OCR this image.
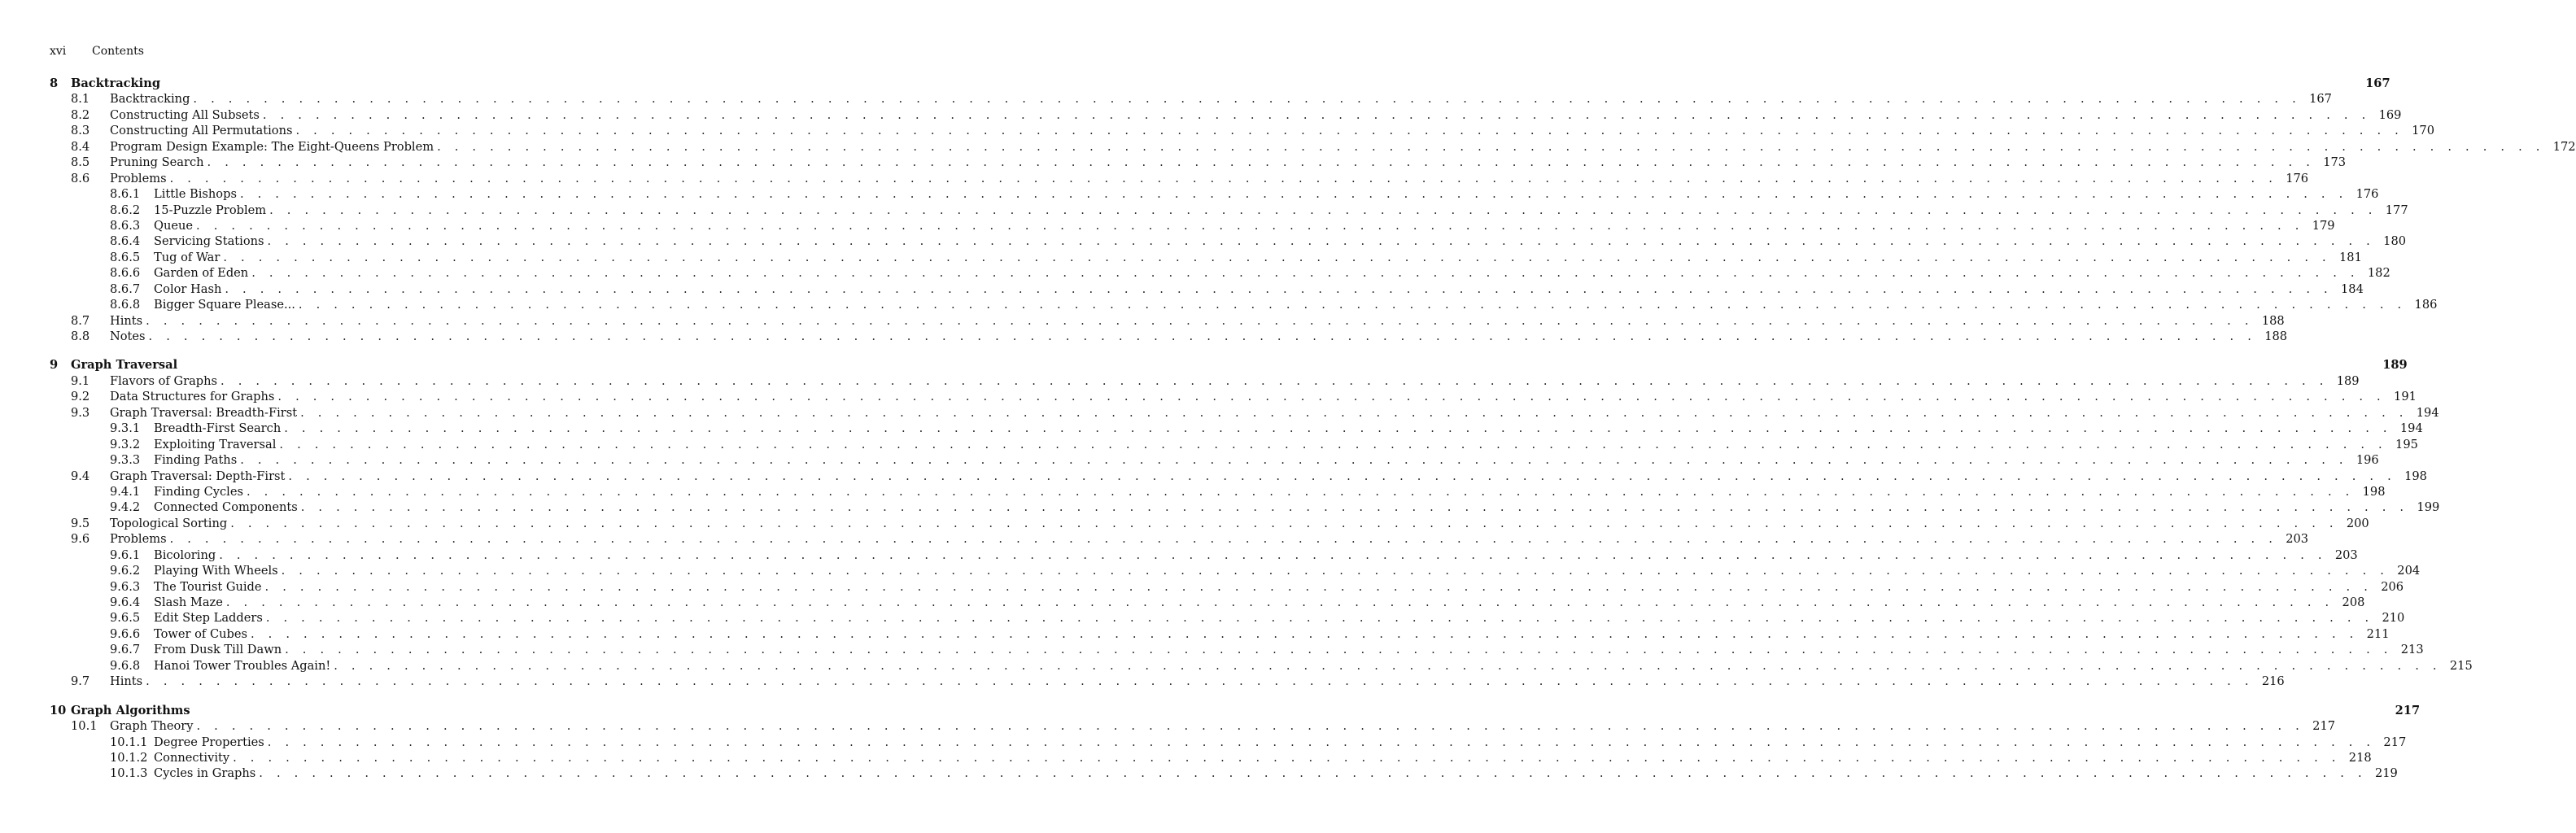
xvi Contents
8	Backtracking	167
8.1	Backtracking . . . . . . . . . . . . . . . . . . . . . . . . . . . . . . . . . . . . . . . . . . . . . . . . . . . . . . . . . . . . . . . . . . . . . . . . . . . . . . . . . . . . . . . . . . . . . . . . . . . . . . . . . . . . . . . . . . . . . . . . 167
8.2	Constructing All Subsets . . . . . . . . . . . . . . . . . . . . . . . . . . . . . . . . . . . . . . . . . . . . . . . . . . . . . . . . . . . . . . . . . . . . . . . . . . . . . . . . . . . . . . . . . . . . . . . . . . . . . . . . . . . . . . . . . . . . . . . . 169
8.3	Constructing All Permutations . . . . . . . . . . . . . . . . . . . . . . . . . . . . . . . . . . . . . . . . . . . . . . . . . . . . . . . . . . . . . . . . . . . . . . . . . . . . . . . . . . . . . . . . . . . . . . . . . . . . . . . . . . . . . . . . . . . . . . . . 170
8.4	Program Design Example: The Eight-Queens Problem . . . . . . . . . . . . . . . . . . . . . . . . . . . . . . . . . . . . . . . . . . . . . . . . . . . . . . . . . . . . . . . . . . . . . . . . . . . . . . . . . . . . . . . . . . . . . . . . . . . . . . . . . . . . . . . . . . . . . . . . 172
8.5	Pruning Search . . . . . . . . . . . . . . . . . . . . . . . . . . . . . . . . . . . . . . . . . . . . . . . . . . . . . . . . . . . . . . . . . . . . . . . . . . . . . . . . . . . . . . . . . . . . . . . . . . . . . . . . . . . . . . . . . . . . . . . . 173
8.6	Problems . . . . . . . . . . . . . . . . . . . . . . . . . . . . . . . . . . . . . . . . . . . . . . . . . . . . . . . . . . . . . . . . . . . . . . . . . . . . . . . . . . . . . . . . . . . . . . . . . . . . . . . . . . . . . . . . . . . . . . . . 176
8.6.1	Little Bishops . . . . . . . . . . . . . . . . . . . . . . . . . . . . . . . . . . . . . . . . . . . . . . . . . . . . . . . . . . . . . . . . . . . . . . . . . . . . . . . . . . . . . . . . . . . . . . . . . . . . . . . . . . . . . . . . . . . . . . . . 176
8.6.2	15-Puzzle Problem . . . . . . . . . . . . . . . . . . . . . . . . . . . . . . . . . . . . . . . . . . . . . . . . . . . . . . . . . . . . . . . . . . . . . . . . . . . . . . . . . . . . . . . . . . . . . . . . . . . . . . . . . . . . . . . . . . . . . . . . 177
8.6.3	Queue . . . . . . . . . . . . . . . . . . . . . . . . . . . . . . . . . . . . . . . . . . . . . . . . . . . . . . . . . . . . . . . . . . . . . . . . . . . . . . . . . . . . . . . . . . . . . . . . . . . . . . . . . . . . . . . . . . . . . . . . 179
8.6.4	Servicing Stations . . . . . . . . . . . . . . . . . . . . . . . . . . . . . . . . . . . . . . . . . . . . . . . . . . . . . . . . . . . . . . . . . . . . . . . . . . . . . . . . . . . . . . . . . . . . . . . . . . . . . . . . . . . . . . . . . . . . . . . . 180
8.6.5	Tug of War . . . . . . . . . . . . . . . . . . . . . . . . . . . . . . . . . . . . . . . . . . . . . . . . . . . . . . . . . . . . . . . . . . . . . . . . . . . . . . . . . . . . . . . . . . . . . . . . . . . . . . . . . . . . . . . . . . . . . . . . 181
8.6.6	Garden of Eden . . . . . . . . . . . . . . . . . . . . . . . . . . . . . . . . . . . . . . . . . . . . . . . . . . . . . . . . . . . . . . . . . . . . . . . . . . . . . . . . . . . . . . . . . . . . . . . . . . . . . . . . . . . . . . . . . . . . . . . . 182
8.6.7	Color Hash . . . . . . . . . . . . . . . . . . . . . . . . . . . . . . . . . . . . . . . . . . . . . . . . . . . . . . . . . . . . . . . . . . . . . . . . . . . . . . . . . . . . . . . . . . . . . . . . . . . . . . . . . . . . . . . . . . . . . . . . 184
8.6.8	Bigger Square Please... . . . . . . . . . . . . . . . . . . . . . . . . . . . . . . . . . . . . . . . . . . . . . . . . . . . . . . . . . . . . . . . . . . . . . . . . . . . . . . . . . . . . . . . . . . . . . . . . . . . . . . . . . . . . . . . . . . . . . . . . 186
8.7	Hints . . . . . . . . . . . . . . . . . . . . . . . . . . . . . . . . . . . . . . . . . . . . . . . . . . . . . . . . . . . . . . . . . . . . . . . . . . . . . . . . . . . . . . . . . . . . . . . . . . . . . . . . . . . . . . . . . . . . . . . . 188
8.8	Notes . . . . . . . . . . . . . . . . . . . . . . . . . . . . . . . . . . . . . . . . . . . . . . . . . . . . . . . . . . . . . . . . . . . . . . . . . . . . . . . . . . . . . . . . . . . . . . . . . . . . . . . . . . . . . . . . . . . . . . . . 188
9	Graph Traversal	189
9.1	Flavors of Graphs . . . . . . . . . . . . . . . . . . . . . . . . . . . . . . . . . . . . . . . . . . . . . . . . . . . . . . . . . . . . . . . . . . . . . . . . . . . . . . . . . . . . . . . . . . . . . . . . . . . . . . . . . . . . . . . . . . . . . . . . 189
9.2	Data Structures for Graphs . . . . . . . . . . . . . . . . . . . . . . . . . . . . . . . . . . . . . . . . . . . . . . . . . . . . . . . . . . . . . . . . . . . . . . . . . . . . . . . . . . . . . . . . . . . . . . . . . . . . . . . . . . . . . . . . . . . . . . . . 191
9.3	Graph Traversal: Breadth-First . . . . . . . . . . . . . . . . . . . . . . . . . . . . . . . . . . . . . . . . . . . . . . . . . . . . . . . . . . . . . . . . . . . . . . . . . . . . . . . . . . . . . . . . . . . . . . . . . . . . . . . . . . . . . . . . . . . . . . . . 194
9.3.1	Breadth-First Search . . . . . . . . . . . . . . . . . . . . . . . . . . . . . . . . . . . . . . . . . . . . . . . . . . . . . . . . . . . . . . . . . . . . . . . . . . . . . . . . . . . . . . . . . . . . . . . . . . . . . . . . . . . . . . . . . . . . . . . . 194
9.3.2	Exploiting Traversal . . . . . . . . . . . . . . . . . . . . . . . . . . . . . . . . . . . . . . . . . . . . . . . . . . . . . . . . . . . . . . . . . . . . . . . . . . . . . . . . . . . . . . . . . . . . . . . . . . . . . . . . . . . . . . . . . . . . . . . . 195
9.3.3	Finding Paths . . . . . . . . . . . . . . . . . . . . . . . . . . . . . . . . . . . . . . . . . . . . . . . . . . . . . . . . . . . . . . . . . . . . . . . . . . . . . . . . . . . . . . . . . . . . . . . . . . . . . . . . . . . . . . . . . . . . . . . . 196
9.4	Graph Traversal: Depth-First . . . . . . . . . . . . . . . . . . . . . . . . . . . . . . . . . . . . . . . . . . . . . . . . . . . . . . . . . . . . . . . . . . . . . . . . . . . . . . . . . . . . . . . . . . . . . . . . . . . . . . . . . . . . . . . . . . . . . . . . 198
9.4.1	Finding Cycles . . . . . . . . . . . . . . . . . . . . . . . . . . . . . . . . . . . . . . . . . . . . . . . . . . . . . . . . . . . . . . . . . . . . . . . . . . . . . . . . . . . . . . . . . . . . . . . . . . . . . . . . . . . . . . . . . . . . . . . . 198
9.4.2	Connected Components . . . . . . . . . . . . . . . . . . . . . . . . . . . . . . . . . . . . . . . . . . . . . . . . . . . . . . . . . . . . . . . . . . . . . . . . . . . . . . . . . . . . . . . . . . . . . . . . . . . . . . . . . . . . . . . . . . . . . . . . 199
9.5	Topological Sorting . . . . . . . . . . . . . . . . . . . . . . . . . . . . . . . . . . . . . . . . . . . . . . . . . . . . . . . . . . . . . . . . . . . . . . . . . . . . . . . . . . . . . . . . . . . . . . . . . . . . . . . . . . . . . . . . . . . . . . . . 200
9.6	Problems . . . . . . . . . . . . . . . . . . . . . . . . . . . . . . . . . . . . . . . . . . . . . . . . . . . . . . . . . . . . . . . . . . . . . . . . . . . . . . . . . . . . . . . . . . . . . . . . . . . . . . . . . . . . . . . . . . . . . . . . 203
9.6.1	Bicoloring . . . . . . . . . . . . . . . . . . . . . . . . . . . . . . . . . . . . . . . . . . . . . . . . . . . . . . . . . . . . . . . . . . . . . . . . . . . . . . . . . . . . . . . . . . . . . . . . . . . . . . . . . . . . . . . . . . . . . . . . 203
9.6.2	Playing With Wheels . . . . . . . . . . . . . . . . . . . . . . . . . . . . . . . . . . . . . . . . . . . . . . . . . . . . . . . . . . . . . . . . . . . . . . . . . . . . . . . . . . . . . . . . . . . . . . . . . . . . . . . . . . . . . . . . . . . . . . . . 204
9.6.3	The Tourist Guide . . . . . . . . . . . . . . . . . . . . . . . . . . . . . . . . . . . . . . . . . . . . . . . . . . . . . . . . . . . . . . . . . . . . . . . . . . . . . . . . . . . . . . . . . . . . . . . . . . . . . . . . . . . . . . . . . . . . . . . . 206
9.6.4	Slash Maze . . . . . . . . . . . . . . . . . . . . . . . . . . . . . . . . . . . . . . . . . . . . . . . . . . . . . . . . . . . . . . . . . . . . . . . . . . . . . . . . . . . . . . . . . . . . . . . . . . . . . . . . . . . . . . . . . . . . . . . . 208
9.6.5	Edit Step Ladders . . . . . . . . . . . . . . . . . . . . . . . . . . . . . . . . . . . . . . . . . . . . . . . . . . . . . . . . . . . . . . . . . . . . . . . . . . . . . . . . . . . . . . . . . . . . . . . . . . . . . . . . . . . . . . . . . . . . . . . . 210
9.6.6	Tower of Cubes . . . . . . . . . . . . . . . . . . . . . . . . . . . . . . . . . . . . . . . . . . . . . . . . . . . . . . . . . . . . . . . . . . . . . . . . . . . . . . . . . . . . . . . . . . . . . . . . . . . . . . . . . . . . . . . . . . . . . . . . 211
9.6.7	From Dusk Till Dawn . . . . . . . . . . . . . . . . . . . . . . . . . . . . . . . . . . . . . . . . . . . . . . . . . . . . . . . . . . . . . . . . . . . . . . . . . . . . . . . . . . . . . . . . . . . . . . . . . . . . . . . . . . . . . . . . . . . . . . . . 213
9.6.8	Hanoi Tower Troubles Again! . . . . . . . . . . . . . . . . . . . . . . . . . . . . . . . . . . . . . . . . . . . . . . . . . . . . . . . . . . . . . . . . . . . . . . . . . . . . . . . . . . . . . . . . . . . . . . . . . . . . . . . . . . . . . . . . . . . . . . . . 215
9.7	Hints . . . . . . . . . . . . . . . . . . . . . . . . . . . . . . . . . . . . . . . . . . . . . . . . . . . . . . . . . . . . . . . . . . . . . . . . . . . . . . . . . . . . . . . . . . . . . . . . . . . . . . . . . . . . . . . . . . . . . . . . 216
10 Graph Algorithms	217
10.1	Graph Theory . . . . . . . . . . . . . . . . . . . . . . . . . . . . . . . . . . . . . . . . . . . . . . . . . . . . . . . . . . . . . . . . . . . . . . . . . . . . . . . . . . . . . . . . . . . . . . . . . . . . . . . . . . . . . . . . . . . . . . . . 217
10.1.1 Degree Properties . . . . . . . . . . . . . . . . . . . . . . . . . . . . . . . . . . . . . . . . . . . . . . . . . . . . . . . . . . . . . . . . . . . . . . . . . . . . . . . . . . . . . . . . . . . . . . . . . . . . . . . . . . . . . . . . . . . . . . . . 217
10.1.2 Connectivity . . . . . . . . . . . . . . . . . . . . . . . . . . . . . . . . . . . . . . . . . . . . . . . . . . . . . . . . . . . . . . . . . . . . . . . . . . . . . . . . . . . . . . . . . . . . . . . . . . . . . . . . . . . . . . . . . . . . . . . . 218
10.1.3 Cycles in Graphs . . . . . . . . . . . . . . . . . . . . . . . . . . . . . . . . . . . . . . . . . . . . . . . . . . . . . . . . . . . . . . . . . . . . . . . . . . . . . . . . . . . . . . . . . . . . . . . . . . . . . . . . . . . . . . . . . . . . . . . . 219
